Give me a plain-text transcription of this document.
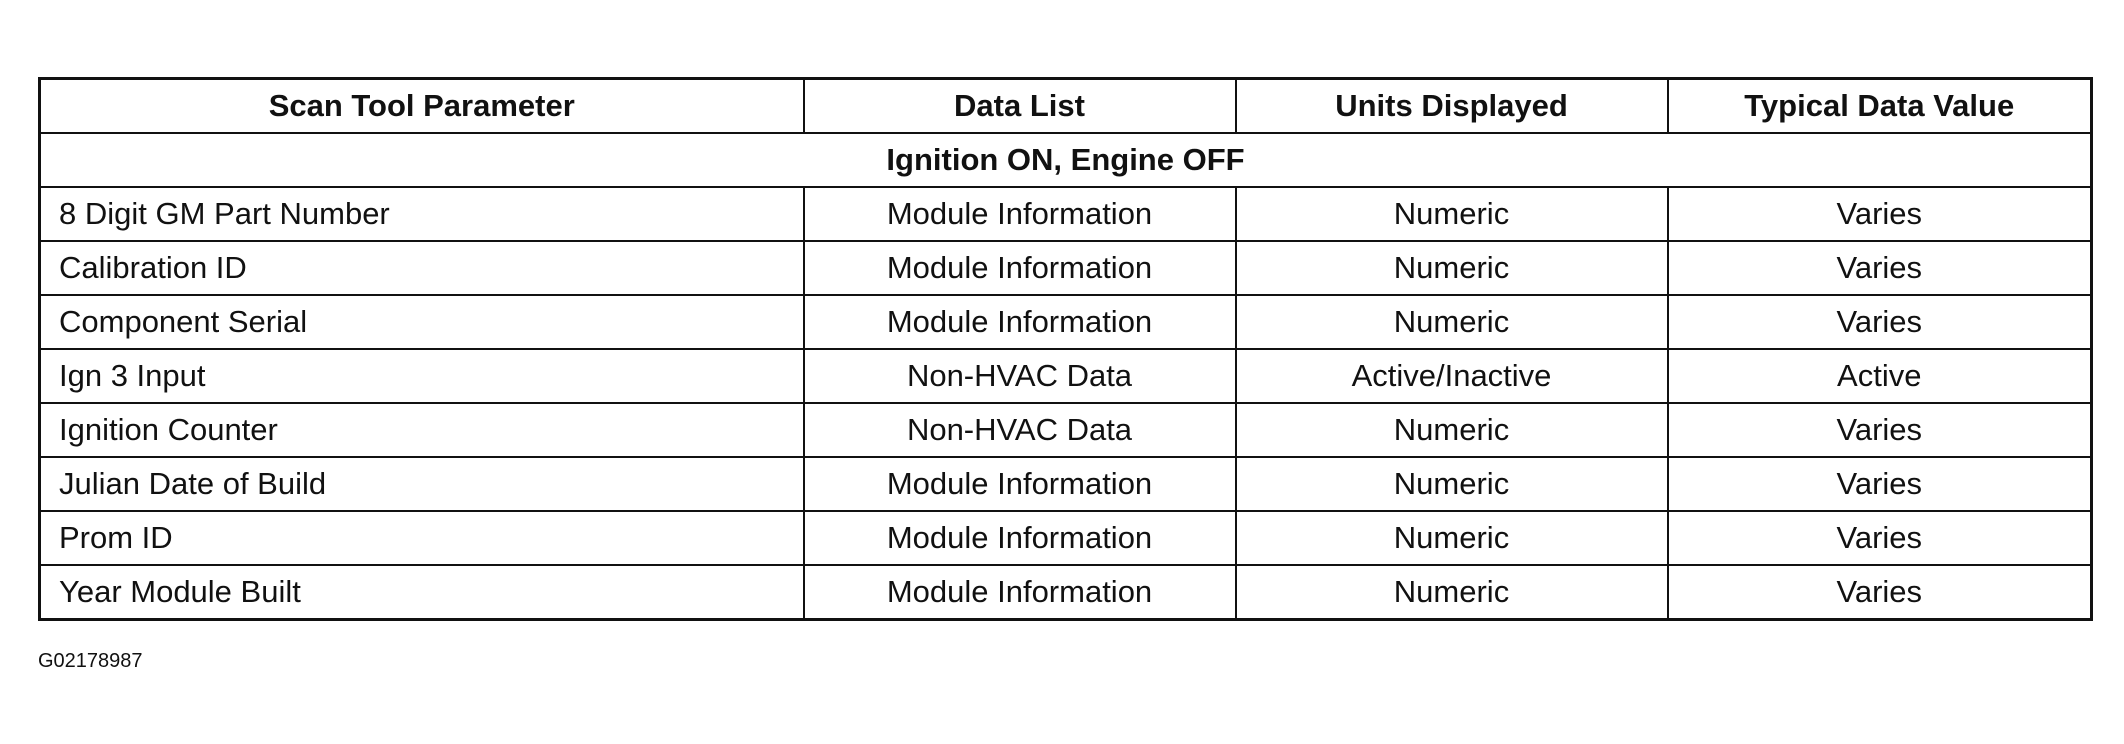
Scan Tool Parameter	Data List	Units Displayed	Typical Data Value
Ignition ON, Engine OFF			
8 Digit GM Part Number	Module Information	Numeric	Varies
Calibration ID	Module Information	Numeric	Varies
Component Serial	Module Information	Numeric	Varies
Ign 3 Input	Non-HVAC Data	Active/Inactive	Active
Ignition Counter	Non-HVAC Data	Numeric	Varies
Julian Date of Build	Module Information	Numeric	Varies
Prom ID	Module Information	Numeric	Varies
Year Module Built	Module Information	Numeric	Varies
G02178987
